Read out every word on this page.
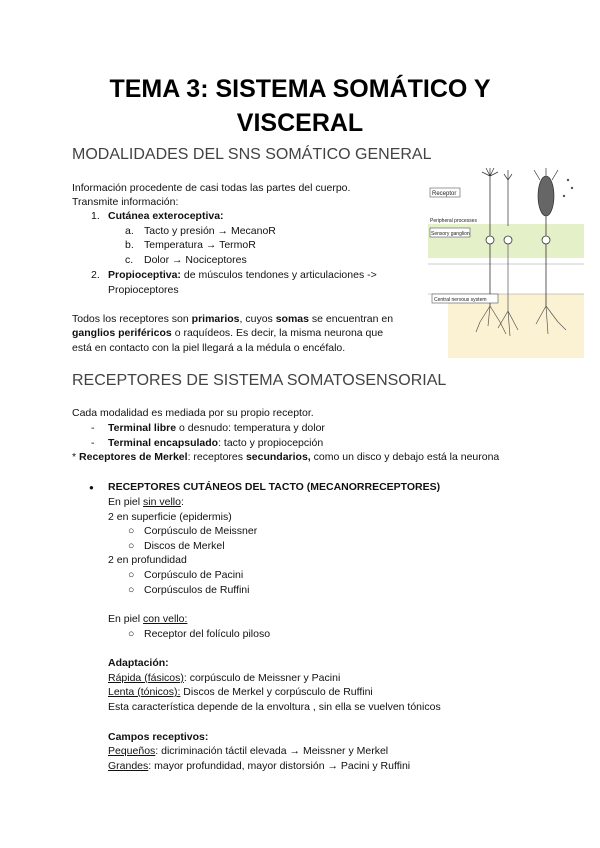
TEMA 3: SISTEMA SOMÁTICO Y
VISCERAL
MODALIDADES DEL SNS SOMÁTICO GENERAL
Información procedente de casi todas las partes del cuerpo.
Transmite información:
1. Cutánea exteroceptiva:
a. Tacto y presión → MecanoR
b. Temperatura → TermoR
c. Dolor → Nociceptores
2. Propioceptiva: de músculos tendones y articulaciones ->
Propioceptores
Todos los receptores son primarios, cuyos somas se encuentran en
ganglios periféricos o raquídeos. Es decir, la misma neurona que
está en contacto con la piel llegará a la médula o encéfalo.
Receptor
Peripheral processes
Sensory ganglion
Central nervous system
RECEPTORES DE SISTEMA SOMATOSENSORIAL
Cada modalidad es mediada por su propio receptor.
- Terminal libre o desnudo: temperatura y dolor
- Terminal encapsulado: tacto y propiocepción
* Receptores de Merkel: receptores secundarios, como un disco y debajo está la neurona
● RECEPTORES CUTÁNEOS DEL TACTO (MECANORRECEPTORES)
En piel sin vello:
2 en superficie (epidermis)
○ Corpúsculo de Meissner
○ Discos de Merkel
2 en profundidad
○ Corpúsculo de Pacini
○ Corpúsculos de Ruffini
En piel con vello:
○ Receptor del folículo piloso
Adaptación:
Rápida (fásicos): corpúsculo de Meissner y Pacini
Lenta (tónicos): Discos de Merkel y corpúsculo de Ruffini
Esta característica depende de la envoltura , sin ella se vuelven tónicos
Campos receptivos:
Pequeños: dicriminación táctil elevada → Meissner y Merkel
Grandes: mayor profundidad, mayor distorsión → Pacini y Ruffini
